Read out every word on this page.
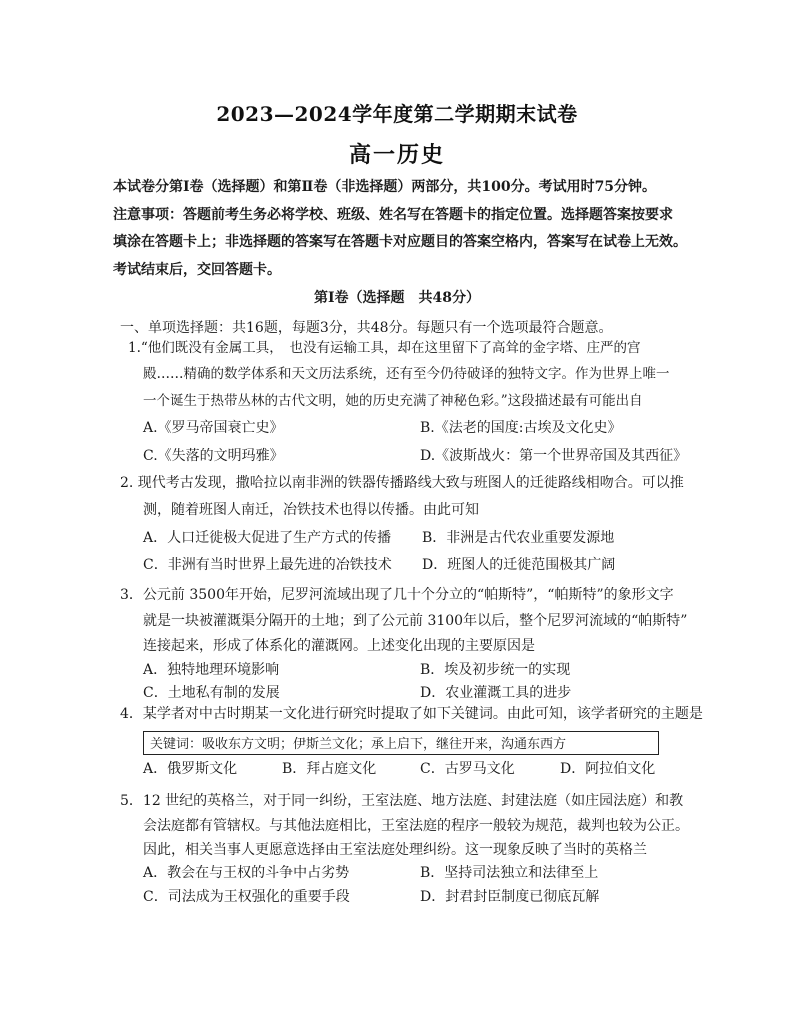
2023—2024学年度第二学期期末试卷
高一历史
本试卷分第Ⅰ卷（选择题）和第Ⅱ卷（非选择题）两部分，共100分。考试用时75分钟。
注意事项：答题前考生务必将学校、班级、姓名写在答题卡的指定位置。选择题答案按要求
填涂在答题卡上；非选择题的答案写在答题卡对应题目的答案空格内，答案写在试卷上无效。
考试结束后，交回答题卡。
第Ⅰ卷（选择题　共48分）
一、单项选择题：共16题，每题3分，共48分。每题只有一个选项最符合题意。
1.“他们既没有金属工具，　也没有运输工具，却在这里留下了高耸的金字塔、庄严的宫
殿……精确的数学体系和天文历法系统，还有至今仍待破译的独特文字。作为世界上唯一
一个诞生于热带丛林的古代文明，她的历史充满了神秘色彩。”这段描述最有可能出自
A.《罗马帝国衰亡史》	B.《法老的国度:古埃及文化史》
C.《失落的文明玛雅》	D.《波斯战火：第一个世界帝国及其西征》
2. 现代考古发现，撒哈拉以南非洲的铁器传播路线大致与班图人的迁徙路线相吻合。可以推
测，随着班图人南迁，冶铁技术也得以传播。由此可知
A．人口迁徙极大促进了生产方式的传播 B．非洲是古代农业重要发源地
C．非洲有当时世界上最先进的冶铁技术 D．班图人的迁徙范围极其广阔
3．公元前 3500年开始，尼罗河流域出现了几十个分立的“帕斯特”，“帕斯特”的象形文字
就是一块被灌溉渠分隔开的土地；到了公元前 3100年以后，整个尼罗河流域的“帕斯特”
连接起来，形成了体系化的灌溉网。上述变化出现的主要原因是
A．独特地理环境影响	B．埃及初步统一的实现
C．土地私有制的发展	D．农业灌溉工具的进步
4．某学者对中古时期某一文化进行研究时提取了如下关键词。由此可知，该学者研究的主题是
关键词：吸收东方文明；伊斯兰文化；承上启下，继往开来，沟通东西方
A．俄罗斯文化	B．拜占庭文化	C．古罗马文化	D．阿拉伯文化
5．12 世纪的英格兰，对于同一纠纷，王室法庭、地方法庭、封建法庭（如庄园法庭）和教
会法庭都有管辖权。与其他法庭相比，王室法庭的程序一般较为规范，裁判也较为公正。
因此，相关当事人更愿意选择由王室法庭处理纠纷。这一现象反映了当时的英格兰
A．教会在与王权的斗争中占劣势	B．坚持司法独立和法律至上
C．司法成为王权强化的重要手段	D．封君封臣制度已彻底瓦解
